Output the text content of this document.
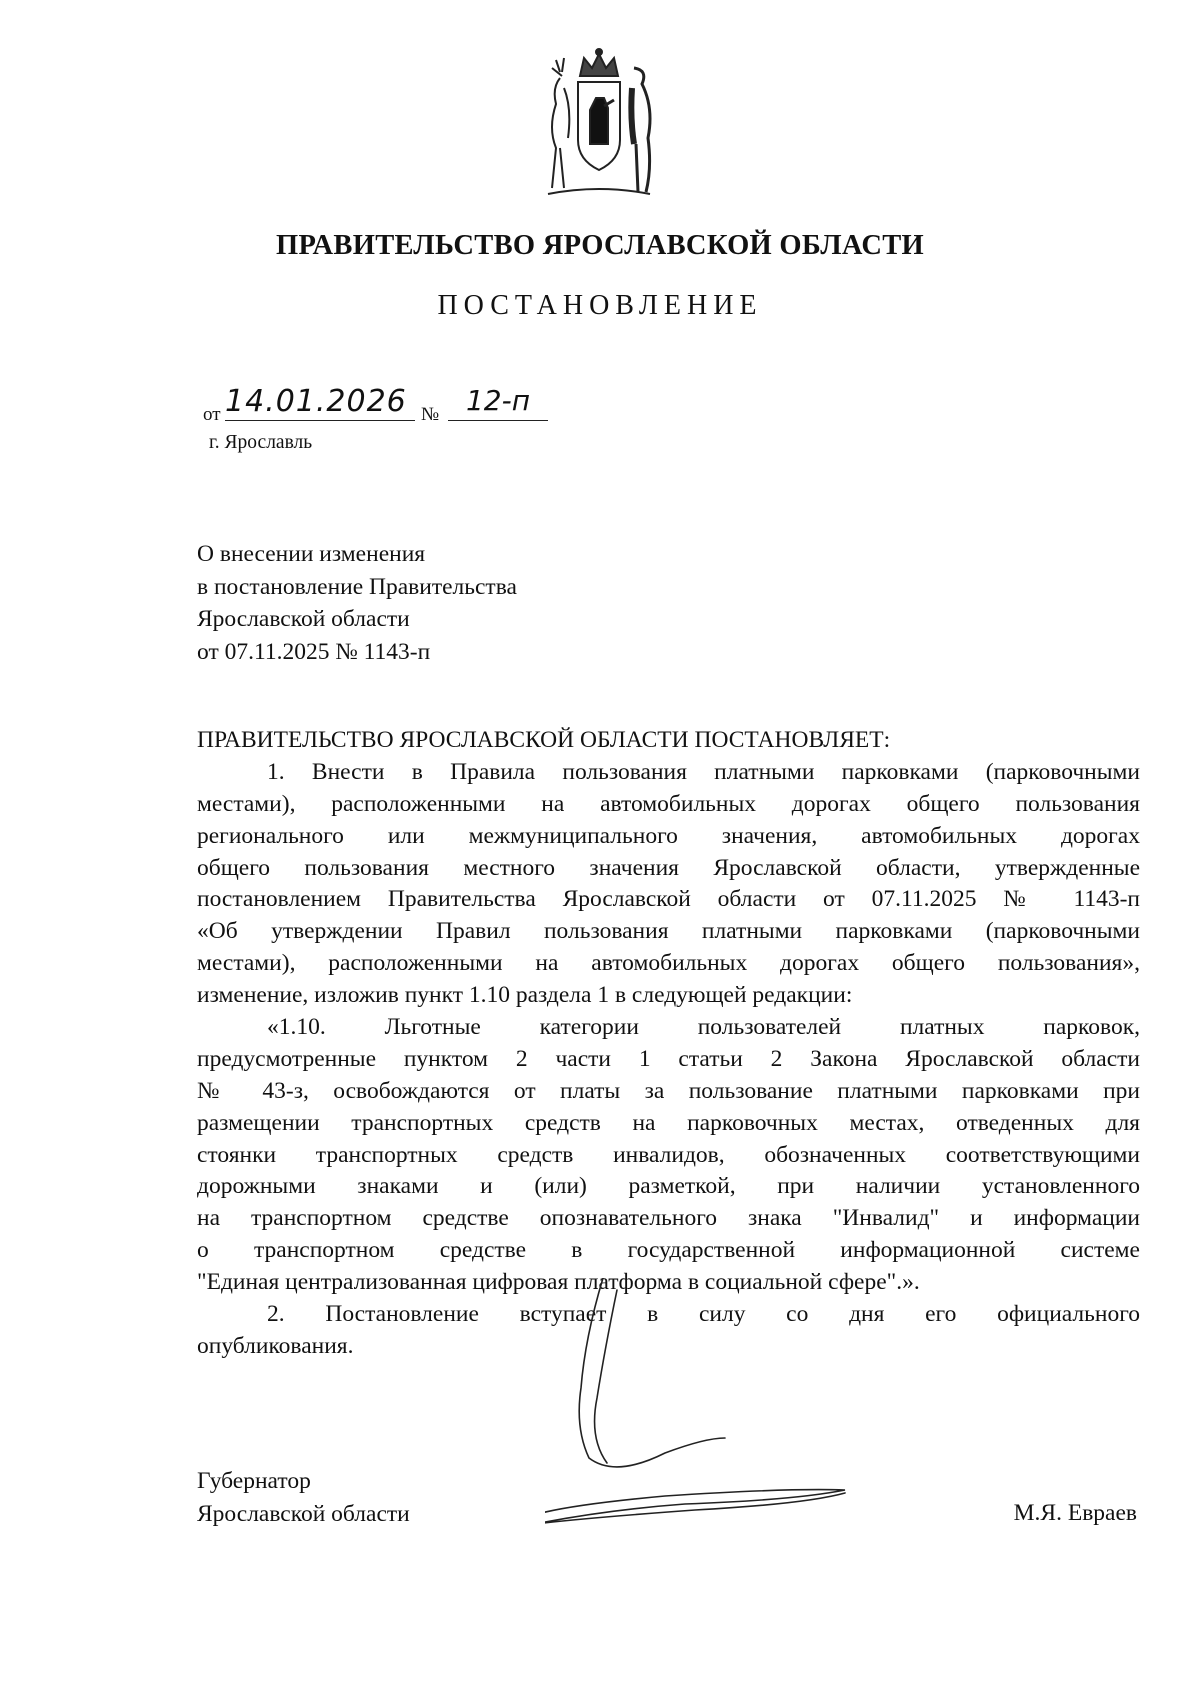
ПРАВИТЕЛЬСТВО ЯРОСЛАВСКОЙ ОБЛАСТИ
ПОСТАНОВЛЕНИЕ
от 14.01.2026 № 12-п
г. Ярославль
О внесении изменения
в постановление Правительства
Ярославской области
от 07.11.2025 № 1143-п
ПРАВИТЕЛЬСТВО ЯРОСЛАВСКОЙ ОБЛАСТИ ПОСТАНОВЛЯЕТ:
1. Внести в Правила пользования платными парковками (парковочными
местами), расположенными на автомобильных дорогах общего пользования
регионального или межмуниципального значения, автомобильных дорогах
общего пользования местного значения Ярославской области, утвержденные
постановлением Правительства Ярославской области от 07.11.2025 № 1143-п
«Об утверждении Правил пользования платными парковками (парковочными
местами), расположенными на автомобильных дорогах общего пользования»,
изменение, изложив пункт 1.10 раздела 1 в следующей редакции:
«1.10. Льготные категории пользователей платных парковок,
предусмотренные пунктом 2 части 1 статьи 2 Закона Ярославской области
№ 43-з, освобождаются от платы за пользование платными парковками при
размещении транспортных средств на парковочных местах, отведенных для
стоянки транспортных средств инвалидов, обозначенных соответствующими
дорожными знаками и (или) разметкой, при наличии установленного
на транспортном средстве опознавательного знака "Инвалид" и информации
о транспортном средстве в государственной информационной системе
"Единая централизованная цифровая платформа в социальной сфере".».
2. Постановление вступает в силу со дня его официального
опубликования.
Губернатор
Ярославской области	М.Я. Евраев
